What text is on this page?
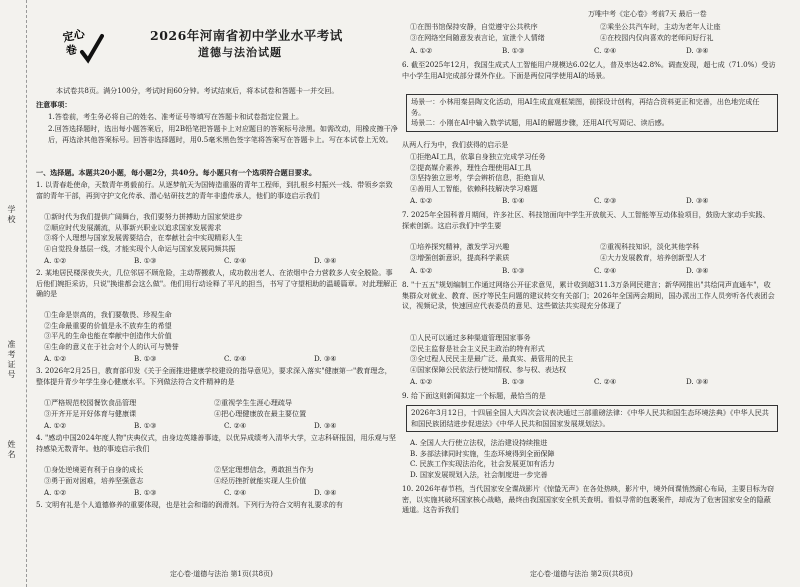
学校
准考证号
姓名
万唯中考《定心卷》考前7天 最后一卷
定心
卷
2026年河南省初中学业水平考试
道德与法治试题
本试卷共8页。满分100分，考试时间60分钟。考试结束后，将本试卷和答题卡一并交回。
注意事项：
1.答卷前，考生务必将自己的姓名、准考证号等填写在答题卡和试卷指定位置上。
2.回答选择题时，选出每小题答案后，用2B铅笔把答题卡上对应题目的答案标号涂黑。如需改动，用橡皮擦干净后，再选涂其他答案标号。回答非选择题时，用0.5毫米黑色签字笔将答案写在答题卡上。写在本试卷上无效。
一、选择题。本题共20小题，每小题2分，共40分。每小题只有一个选项符合题目要求。
1. 以青春赴使命，天数青年勇毅前行。从逐梦航天为国铸造重器的青年工程师，到扎根乡村振兴一线、带领乡亲致富的青年干部，再到守护文化传承、潜心钻研技艺的青年非遗传承人，他们的事迹启示我们
①新时代为我们提供广阔舞台，我们要努力拼搏助力国家荣进步
②顺应时代发展潮流，从事新兴职业以追求国家发展需求
③将个人理想与国家发展需要结合，在奉献社会中实现精彩人生
④自觉投身基层一线，才能实现个人命运与国家发展同频共振
A. ①②	B. ①③	C. ②④	D. ③④
2. 某地居民楼深夜失火，几位邻居不顾危险，主动帮搬救人，成功救出老人、在浓烟中合力营救多人安全脱险。事后他们婉拒采访，只说"换谁都会这么做"。他们用行动诠释了平凡的担当，书写了守望相助的温暖篇章。对此理解正确的是
①生命是崇高的，我们要敬畏、珍视生命
②生命最重要的价值是永不放弃生的希望
③平凡的生命也能在奉献中创造伟大价值
④生命的意义在于社会对个人的认可与赞誉
A. ①②	B. ①③	C. ②④	D. ③④
3. 2026年2月25日，教育部印发《关于全面推进健康学校建设的指导意见》，要求深入落实"健康第一"教育理念，整体提升青少年学生身心健康水平。下列做法符合文件精神的是
①严格规范校园餐饮食品管理	②重视学生生涯心理疏导
③开齐开足开好体育与健康课	④把心理健康放在最主要位置
A. ①②	B. ①③	C. ②④	D. ③④
4. "感动中国2024年度人物"庆典仪式，由身边英雄善事迹，以优异成绩考入清华大学，立志科研报国，用乐观与坚持感染无数青年。他的事迹启示我们
①身处逆境更有利于自身的成长	②坚定理想信念，勇敢担当作为
③勇于面对困难，培养坚强意志	④经历挫折就能实现人生价值
A. ①②	B. ①③	C. ②④	D. ③④
5. 文明有礼是个人道德修养的重要体现，也是社会和谐的润滑剂。下列行为符合文明有礼要求的有
①在图书馆保持安静，自觉遵守公共秩序	②乘坐公共汽车时，主动为老年人让座
③在网络空间随意发表言论，宣泄个人情绪	④在校园内仅向喜欢的老师问好行礼
A. ①②	B. ①③	C. ②④	D. ③④
6. 截至2025年12月，我国生成式人工智能用户规模达6.02亿人，普及率达42.8%。调查发现，超七成（71.0%）受访中小学生用AI完成部分课外作业。下面是两位同学使用AI的场景。
场景一：小林用秦县陶文化活动，用AI生成直观框架图，前探设计创构，再结合资料更正和完善，出色地完成任务。
场景二：小刚在AI中输入数学试题，用AI的解题步骤，还用AI代写周记、读后感。
从两人行为中，我们获得的启示是
①拒绝AI工具，依靠自身独立完成学习任务
②提高媒介素养，理性合理使用AI工具
③坚持独立思考，学会辨析信息，拒绝盲从
④善用人工智能，依赖科技解决学习难题
A. ①②	B. ①④	C. ②③	D. ③④
7. 2025年全国科普月期间，许多社区、科技馆面向中学生开放航天、人工智能等互动体验项目，鼓励大家动手实践、探索创新。这启示我们中学生要
①培养探究精神，激发学习兴趣	②重视科技知识，淡化其他学科
③增强创新意识，提高科学素质	④大力发展教育，培养创新型人才
A. ①②	B. ①③	C. ②④	D. ③④
8. "十五五"规划编制工作通过网络公开征求意见，累计收到超311.3万条网民建言；新华网推出"共绘同声直通车"，收集群众对就业、教育、医疗等民生问题的建议转交有关部门；2026年全国两会期间，国办派出工作人员旁听各代表团会议，视频记录，快速回应代表委员的意见、这些做法共实现充分体现了
①人民可以通过多种渠道管理国家事务
②民主监督是社会主义民主政治的特有形式
③全过程人民民主是最广泛、最真实、最管用的民主
④国家保障公民依法行使知情权、参与权、表达权
A. ①②	B. ①③	C. ②④	D. ③④
9. 给下面这则新闻拟定一个标题，最恰当的是
2026年3月12日，十四届全国人大四次会议表决通过三部重磅法律：《中华人民共和国生态环境法典》《中华人民共和国民族团结进步促进法》《中华人民共和国国家发展规划法》。
A. 全国人大行使立法权，法治建设持续推进
B. 多部法律同时实施，生态环境得到全面保障
C. 民族工作实现法治化，社会发展更加有活力
D. 国家发展规划入法，社会制度进一步完善
10. 2026年春节档，当代国家安全谍战影片《惊蛰无声》在各处热映，影片中，境外间谍悄然耐心布局，主要目标为窃密，以实施其破坏国家核心战略，最终由我国国家安全机关查明。看似寻常的包裹案件，却成为了危害国家安全的隐蔽通道。这告诉我们
定心卷·道德与法治 第1页(共8页)	定心卷·道德与法治 第2页(共8页)
